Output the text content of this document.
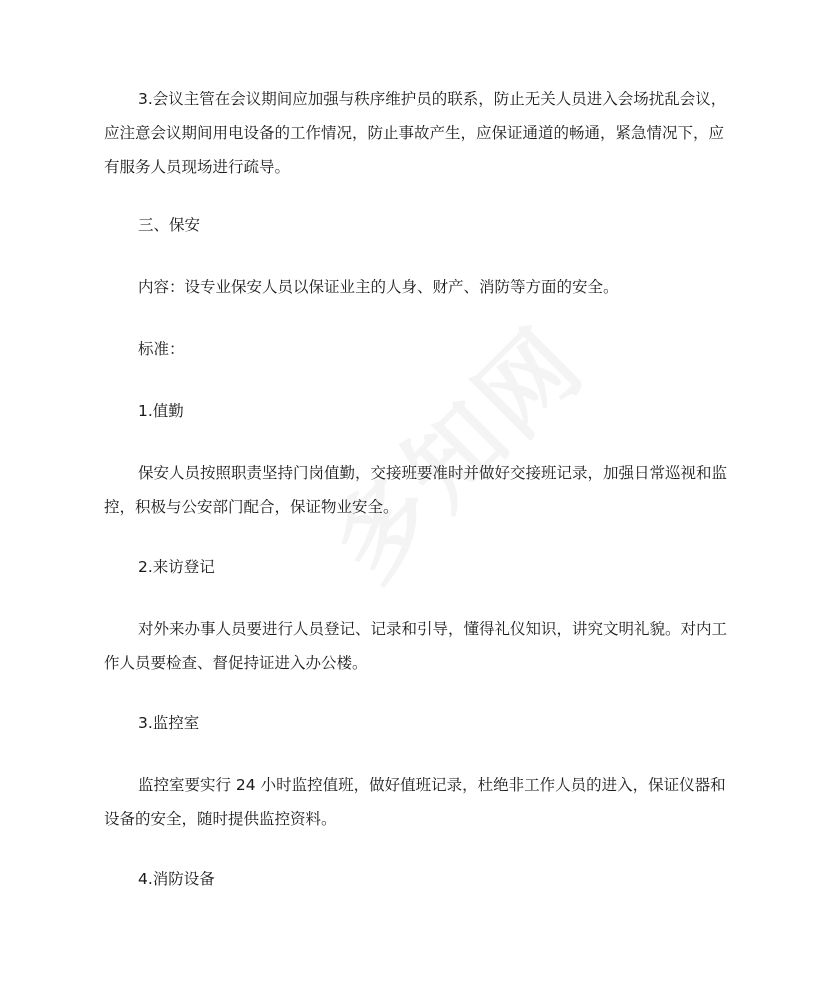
3.会议主管在会议期间应加强与秩序维护员的联系，防止无关人员进入会场扰乱会议，应注意会议期间用电设备的工作情况，防止事故产生，应保证通道的畅通，紧急情况下，应有服务人员现场进行疏导。

三、保安

内容：设专业保安人员以保证业主的人身、财产、消防等方面的安全。

标准：

1.值勤

保安人员按照职责坚持门岗值勤，交接班要准时并做好交接班记录，加强日常巡视和监控，积极与公安部门配合，保证物业安全。

2.来访登记

对外来办事人员要进行人员登记、记录和引导，懂得礼仪知识，讲究文明礼貌。对内工作人员要检查、督促持证进入办公楼。

3.监控室

监控室要实行 24 小时监控值班，做好值班记录，杜绝非工作人员的进入，保证仪器和设备的安全，随时提供监控资料。

4.消防设备
